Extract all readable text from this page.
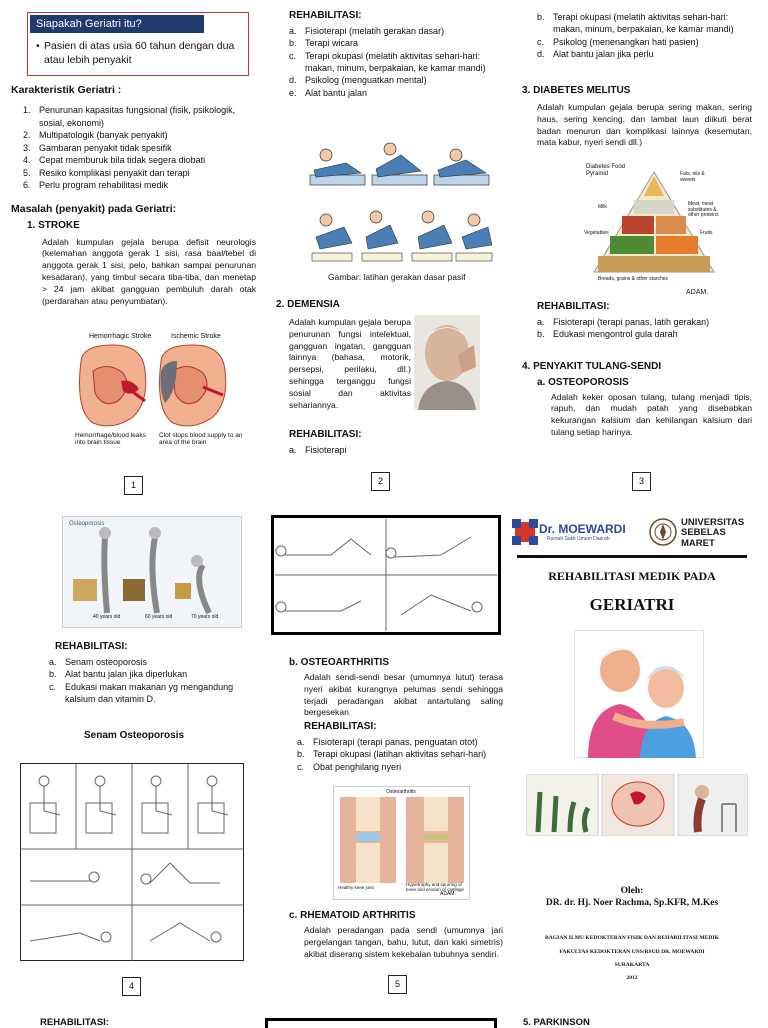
Siapakah Geriatri itu?
• Pasien di atas usia 60 tahun dengan dua atau lebih penyakit
Karakteristik Geriatri :
1. Penurunan kapasitas fungsional (fisik, psikologik, sosial, ekonomi)
2. Multipatologik (banyak penyakit)
3. Gambaran penyakit tidak spesifik
4. Cepat memburuk bila tidak segera diobati
5. Resiko komplikasi penyakit dan terapi
6. Perlu program rehabilitasi medik
Masalah (penyakit) pada Geriatri:
1. STROKE
Adalah kumpulan gejala berupa defisit neurologis (kelemahan anggota gerak 1 sisi, rasa baal/tebel di anggota gerak 1 sisi, pelo, bahkan sampai penurunan kesadaran), yang timbul secara tiba-tiba, dan menetap > 24 jam akibat gangguan pembuluh darah otak (perdarahan atau penyumbatan).
Hemorrhagic Stroke	Ischemic Stroke
Hemorrhage/blood leaks into brain tissue
Clot stops blood supply to an area of the brain
1
REHABILITASI:
a. Fisioterapi (melatih gerakan dasar)
b. Terapi wicara
c. Terapi okupasi (melatih aktivitas sehari-hari: makan, minum, berpakaian, ke kamar mandi)
d. Psikolog (menguatkan mental)
e. Alat bantu jalan
Gambar: latihan gerakan dasar pasif
2. DEMENSIA
Adalah kumpulan gejala berupa penurunan fungsi intelektual, gangguan ingatan, gangguan lainnya (bahasa, motorik, persepsi, perilaku, dll.) sehingga terganggu fungsi sosial dan aktivitas sehariannya.
REHABILITASI:
a. Fisioterapi
2
b. Terapi okupasi (melatih aktivitas sehari-hari: makan, minum, berpakaian, ke kamar mandi)
c. Psikolog (menenangkan hati pasien)
d. Alat bantu jalan jika perlu
3. DIABETES MELITUS
Adalah kumpulan gejala berupa sering makan, sering haus, sering kencing, dan lambat laun diikuti berat badan menurun dan komplikasi lainnya (kesemutan, mata kabur, nyeri sendi dll.)
Diabetes Food Pyramid	Fats, oils & sweets
Milk	Meat, meat substitutes & other proteins
Vegetables	Fruits
Breads, grains & other starches
ADAM.
REHABILITASI:
a. Fisioterapi (terapi panas, latih gerakan)
b. Edukasi mengontrol gula darah
4. PENYAKIT TULANG-SENDI
a. OSTEOPOROSIS
Adalah keker oposan tulang, tulang menjadi tipis, rapuh, dan mudah patah yang disebabkan kekurangan kalsium dan kehilangan kalsium dari tulang setiap harinya.
3
Osteoporosis
40 years old	60 years old	70 years old
REHABILITASI:
a. Senam osteoporosis
b. Alat bantu jalan jika diperlukan
c. Edukasi makan makanan yg mengandung kalsium dan vitamin D.
Senam Osteoporosis
4
b. OSTEOARTHRITIS
Adalah sendi-sendi besar (umumnya lutut) terasa nyeri akibat kurangnya pelumas sendi sehingga terjadi peradangan akibat antartulang saling bergesekan
REHABILITASI:
a. Fisioterapi (terapi panas, penguatan otot)
b. Terapi okupasi (latihan aktivitas sehari-hari)
c. Obat penghilang nyeri
Osteoarthritis
Healthy knee joint
Hypertrophy and spurring of bone and erosion of cartilage
ADAM.
c. RHEMATOID ARTHRITIS
Adalah peradangan pada sendi (umumnya jari pergelangan tangan, bahu, lutut, dan kaki simetris) akibat diserang sistem kekebalan tubuhnya sendiri.
5
Dr. MOEWARDI
Rumah Sakit Umum Daerah
UNIVERSITAS SEBELAS MARET
REHABILITASI MEDIK PADA
GERIATRI
Oleh:
DR. dr. Hj. Noer Rachma, Sp.KFR, M.Kes
BAGIAN ILMU KEDOKTERAN FISIK DAN REHABILITASI MEDIK
FAKULTAS KEDOKTERAN UNS/RSUD DR. MOEWARDI
SURAKARTA
2012
REHABILITASI:	5. PARKINSON
